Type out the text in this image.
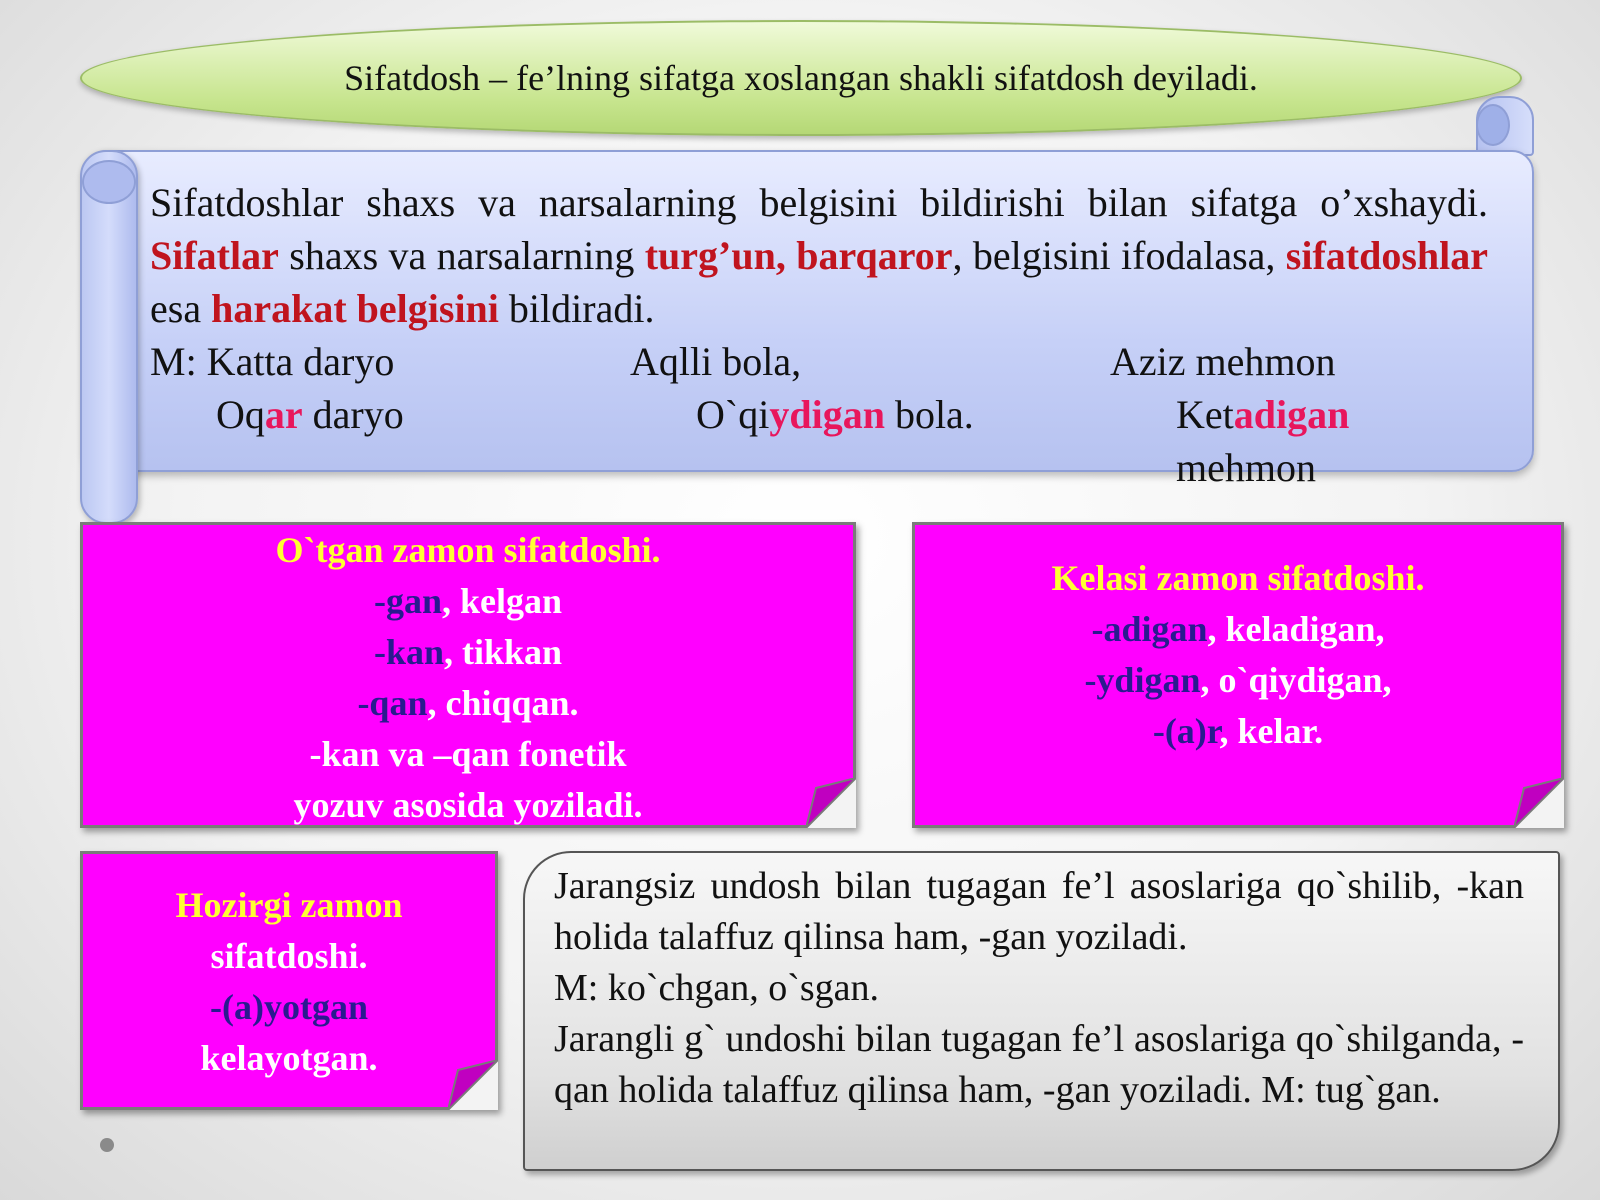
Sifatdosh – fe’lning sifatga xoslangan shakli sifatdosh deyiladi.
Sifatdoshlar shaxs va narsalarning belgisini bildirishi bilan sifatga o’xshaydi. Sifatlar shaxs va narsalarning turg’un, barqaror, belgisini ifodalasa, sifatdoshlar esa harakat belgisini bildiradi.
M: Katta daryo	Aqlli bola,	Aziz mehmon
Oqar daryo	O`qiydigan bola.	Ketadigan mehmon
O`tgan zamon sifatdoshi.
-gan, kelgan
-kan, tikkan
-qan, chiqqan.
-kan va –qan fonetik
yozuv asosida yoziladi.
Kelasi zamon sifatdoshi.
-adigan, keladigan,
-ydigan, o`qiydigan,
-(a)r, kelar.
Hozirgi zamon
sifatdoshi.
-(a)yotgan
kelayotgan.
Jarangsiz undosh bilan tugagan fe’l asoslariga qo`shilib, -kan holida talaffuz qilinsa ham, -gan yoziladi.
M: ko`chgan, o`sgan.
Jarangli g` undoshi bilan tugagan fe’l asoslariga qo`shilganda, -qan holida talaffuz qilinsa ham, -gan yoziladi. M: tug`gan.
